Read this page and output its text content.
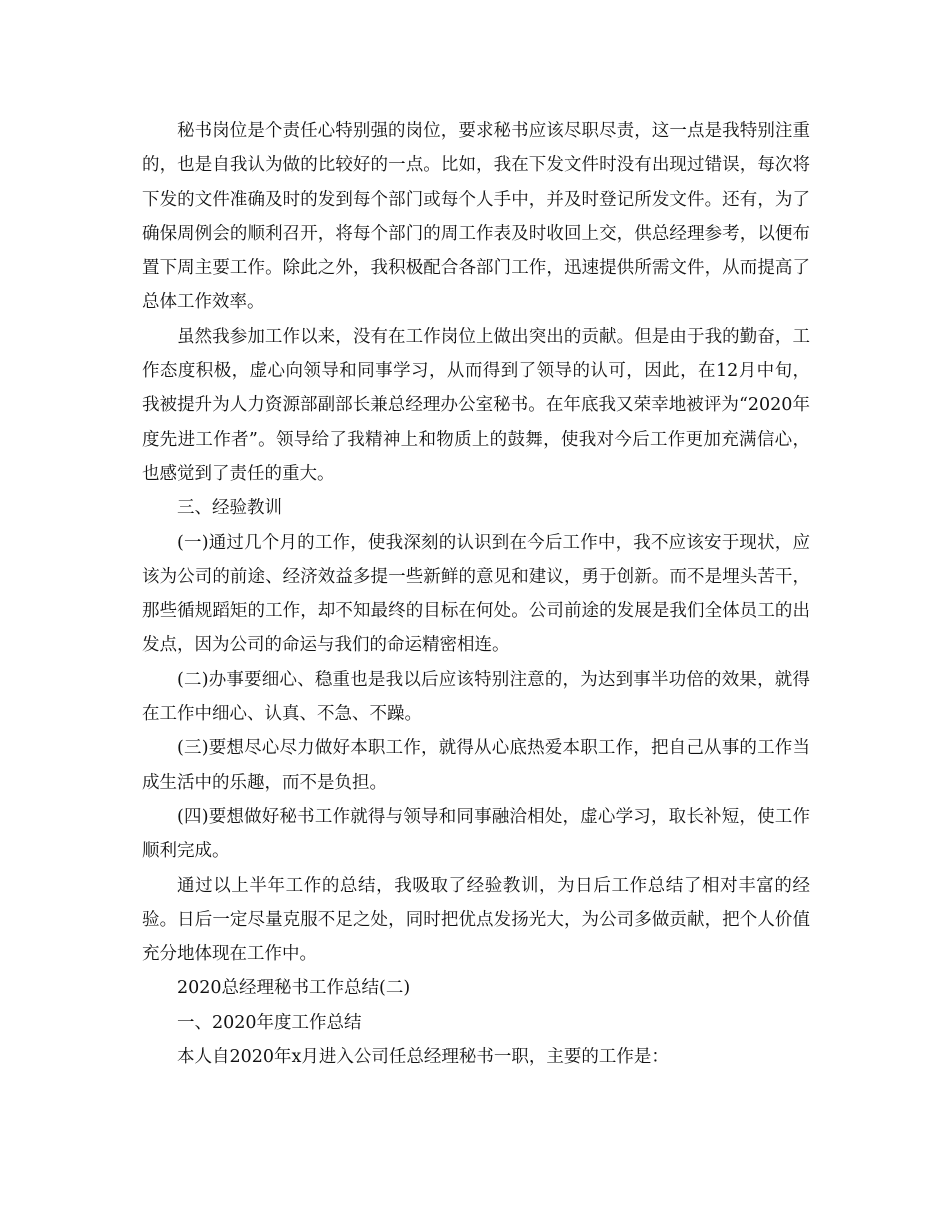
秘书岗位是个责任心特别强的岗位，要求秘书应该尽职尽责，这一点是我特别注重的，也是自我认为做的比较好的一点。比如，我在下发文件时没有出现过错误，每次将下发的文件准确及时的发到每个部门或每个人手中，并及时登记所发文件。还有，为了确保周例会的顺利召开，将每个部门的周工作表及时收回上交，供总经理参考，以便布置下周主要工作。除此之外，我积极配合各部门工作，迅速提供所需文件，从而提高了总体工作效率。

虽然我参加工作以来，没有在工作岗位上做出突出的贡献。但是由于我的勤奋，工作态度积极，虚心向领导和同事学习，从而得到了领导的认可，因此，在12月中旬，我被提升为人力资源部副部长兼总经理办公室秘书。在年底我又荣幸地被评为“2020年度先进工作者”。领导给了我精神上和物质上的鼓舞，使我对今后工作更加充满信心，也感觉到了责任的重大。

三、经验教训

(一)通过几个月的工作，使我深刻的认识到在今后工作中，我不应该安于现状，应该为公司的前途、经济效益多提一些新鲜的意见和建议，勇于创新。而不是埋头苦干，那些循规蹈矩的工作，却不知最终的目标在何处。公司前途的发展是我们全体员工的出发点，因为公司的命运与我们的命运精密相连。

(二)办事要细心、稳重也是我以后应该特别注意的，为达到事半功倍的效果，就得在工作中细心、认真、不急、不躁。

(三)要想尽心尽力做好本职工作，就得从心底热爱本职工作，把自己从事的工作当成生活中的乐趣，而不是负担。

(四)要想做好秘书工作就得与领导和同事融洽相处，虚心学习，取长补短，使工作顺利完成。

通过以上半年工作的总结，我吸取了经验教训，为日后工作总结了相对丰富的经验。日后一定尽量克服不足之处，同时把优点发扬光大，为公司多做贡献，把个人价值充分地体现在工作中。

2020总经理秘书工作总结(二)

一、2020年度工作总结

本人自2020年x月进入公司任总经理秘书一职，主要的工作是：
